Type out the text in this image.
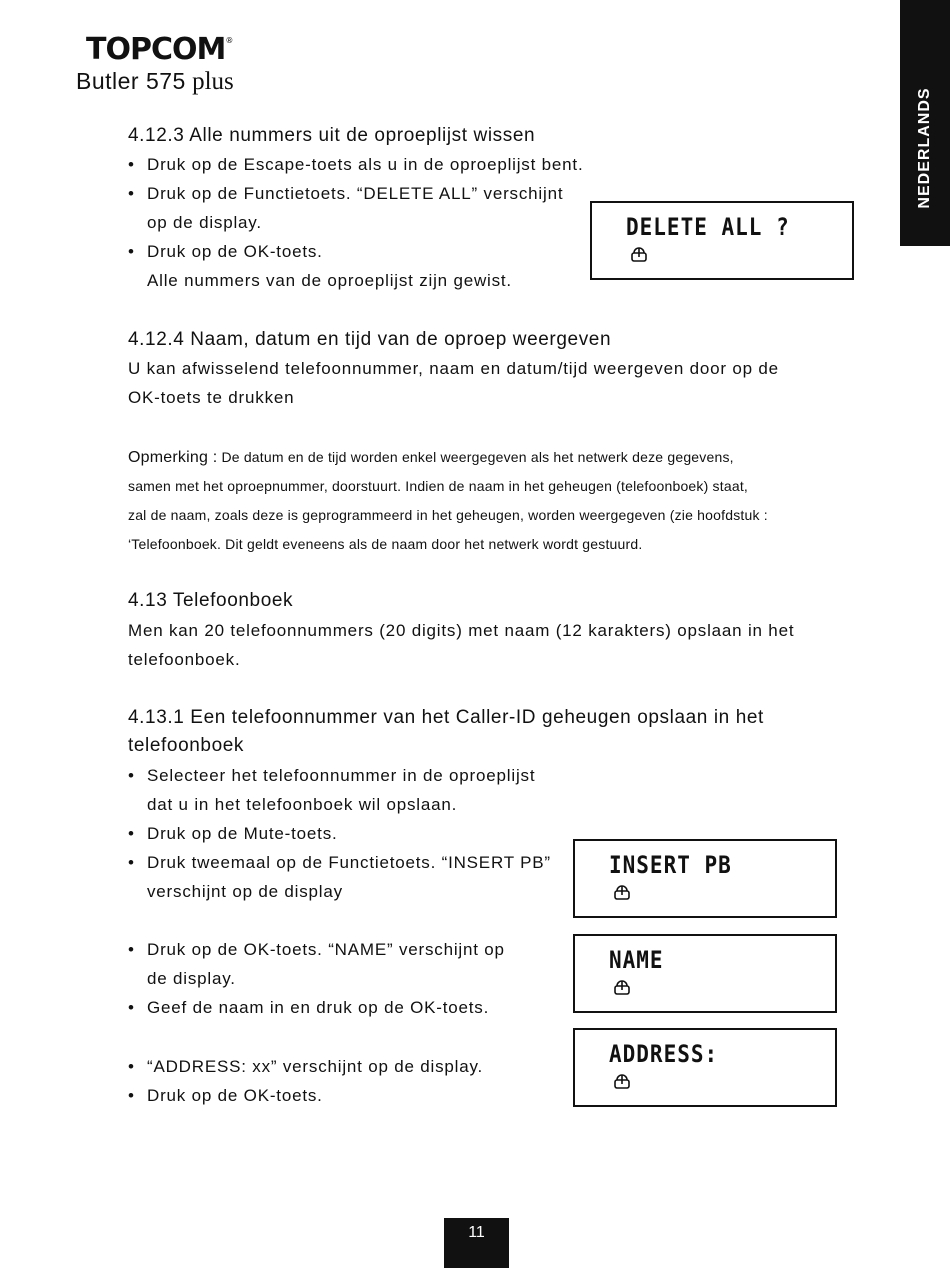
TOPCOM®
Butler 575 plus
NEDERLANDS
4.12.3 Alle nummers uit de oproeplijst wissen
• Druk op de Escape-toets als u in de oproeplijst bent.
• Druk op de Functietoets. “DELETE ALL” verschijnt
op de display.
• Druk op de OK-toets.
Alle nummers van de oproeplijst zijn gewist.
DELETE ALL ?
4.12.4 Naam, datum en tijd van de oproep weergeven
U kan afwisselend telefoonnummer, naam en datum/tijd weergeven door op de
OK-toets te drukken
Opmerking : De datum en de tijd worden enkel weergegeven als het netwerk deze gegevens,
samen met het oproepnummer, doorstuurt. Indien de naam in het geheugen (telefoonboek) staat,
zal de naam, zoals deze is geprogrammeerd in het geheugen, worden weergegeven (zie hoofdstuk :
‘Telefoonboek. Dit geldt eveneens als de naam door het netwerk wordt gestuurd.
4.13 Telefoonboek
Men kan 20 telefoonnummers (20 digits) met naam (12 karakters) opslaan in het
telefoonboek.
4.13.1 Een telefoonnummer van het Caller-ID geheugen opslaan in het
telefoonboek
• Selecteer het telefoonnummer in de oproeplijst
dat u in het telefoonboek wil opslaan.
• Druk op de Mute-toets.
• Druk tweemaal op de Functietoets. “INSERT PB”
verschijnt op de display
• Druk op de OK-toets. “NAME” verschijnt op
de display.
• Geef de naam in en druk op de OK-toets.
• “ADDRESS: xx” verschijnt op de display.
• Druk op de OK-toets.
INSERT PB
NAME
ADDRESS:
11
